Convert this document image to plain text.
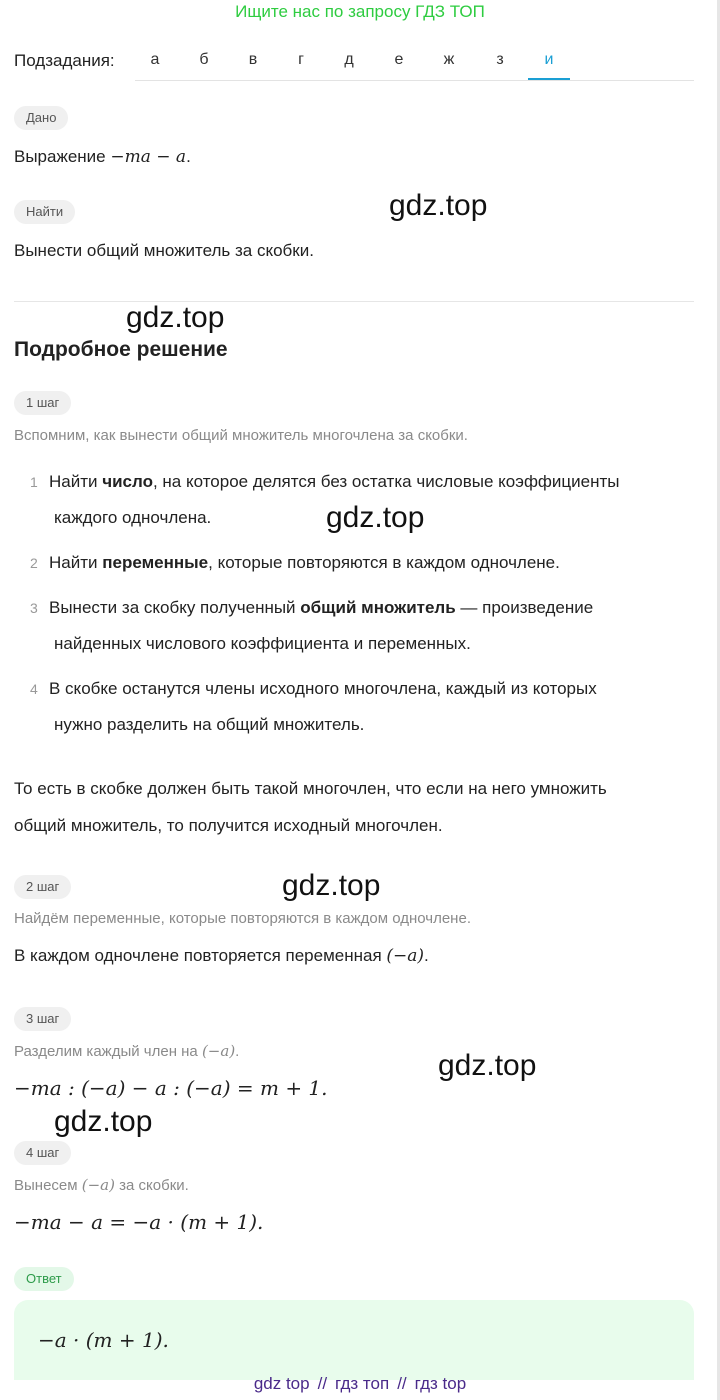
Ищите нас по запросу ГДЗ ТОП
Подзадания:	а	б	в	г	д	е	ж	з	и
Дано
Выражение −ma − a.
Найти
Вынести общий множитель за скобки.
Подробное решение
1 шаг
Вспомним, как вынести общий множитель многочлена за скобки.
1 Найти число, на которое делятся без остатка числовые коэффициенты
каждого одночлена.
2 Найти переменные, которые повторяются в каждом одночлене.
3 Вынести за скобку полученный общий множитель — произведение
найденных числового коэффициента и переменных.
4 В скобке останутся члены исходного многочлена, каждый из которых
нужно разделить на общий множитель.
То есть в скобке должен быть такой многочлен, что если на него умножить
общий множитель, то получится исходный многочлен.
2 шаг
Найдём переменные, которые повторяются в каждом одночлене.
В каждом одночлене повторяется переменная (−a).
3 шаг
Разделим каждый член на (−a).
−ma : (−a) − a : (−a) = m + 1.
4 шаг
Вынесем (−a) за скобки.
−ma − a = −a · (m + 1).
Ответ
−a · (m + 1).
gdz.top
gdz.top
gdz.top
gdz.top
gdz.top
gdz.top
gdz top // гдз топ // гдз top
